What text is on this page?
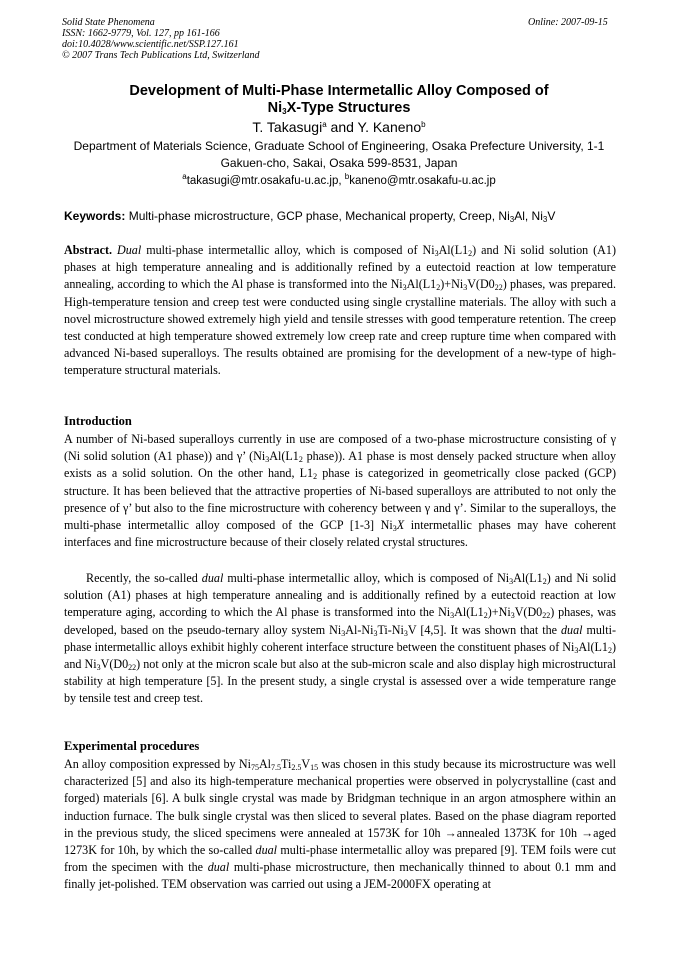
Solid State Phenomena
ISSN: 1662-9779, Vol. 127, pp 161-166
doi:10.4028/www.scientific.net/SSP.127.161
© 2007 Trans Tech Publications Ltd, Switzerland
Online: 2007-09-15
Development of Multi-Phase Intermetallic Alloy Composed of
$Ni_3X$-Type Structures
T. Takasugi$^a$ and Y. Kaneno$^b$
Department of Materials Science, Graduate School of Engineering, Osaka Prefecture University, 1-1
Gakuen-cho, Sakai, Osaka 599-8531, Japan
$^a$takasugi@mtr.osakafu-u.ac.jp, $^b$kaneno@mtr.osakafu-u.ac.jp
Keywords: Multi-phase microstructure, GCP phase, Mechanical property, Creep, $Ni_3Al$, $Ni_3V$
Abstract. Dual multi-phase intermetallic alloy, which is composed of $Ni_3Al(L1_2)$ and Ni solid solution (A1) phases at high temperature annealing and is additionally refined by a eutectoid reaction at low temperature annealing, according to which the Al phase is transformed into the $Ni_3Al(L1_2)+Ni_3V(D0_{22})$ phases, was prepared. High-temperature tension and creep test were conducted using single crystalline materials. The alloy with such a novel microstructure showed extremely high yield and tensile stresses with good temperature retention. The creep test conducted at high temperature showed extremely low creep rate and creep rupture time when compared with advanced Ni-based superalloys. The results obtained are promising for the development of a new-type of high-temperature structural materials.
Introduction
A number of Ni-based superalloys currently in use are composed of a two-phase microstructure consisting of γ (Ni solid solution (A1 phase)) and γ’ ($Ni_3Al(L1_2$ phase)). A1 phase is most densely packed structure when alloy exists as a solid solution. On the other hand, $L1_2$ phase is categorized in geometrically close packed (GCP) structure. It has been believed that the attractive properties of Ni-based superalloys are attributed to not only the presence of γ’ but also to the fine microstructure with coherency between γ and γ’. Similar to the superalloys, the multi-phase intermetallic alloy composed of the GCP [1-3] $Ni_3X$ intermetallic phases may have coherent interfaces and fine microstructure because of their closely related crystal structures.
Recently, the so-called dual multi-phase intermetallic alloy, which is composed of $Ni_3Al(L1_2)$ and Ni solid solution (A1) phases at high temperature annealing and is additionally refined by a eutectoid reaction at low temperature aging, according to which the Al phase is transformed into the $Ni_3Al(L1_2)+Ni_3V(D0_{22})$ phases, was developed, based on the pseudo-ternary alloy system $Ni_3Al-Ni_3Ti-Ni_3V$ [4,5]. It was shown that the dual multi-phase intermetallic alloys exhibit highly coherent interface structure between the constituent phases of $Ni_3Al(L1_2)$ and $Ni_3V(D0_{22})$ not only at the micron scale but also at the sub-micron scale and also display high microstructural stability at high temperature [5]. In the present study, a single crystal is assessed over a wide temperature range by tensile test and creep test.
Experimental procedures
An alloy composition expressed by $Ni_{75}Al_{7.5}Ti_{2.5}V_{15}$ was chosen in this study because its microstructure was well characterized [5] and also its high-temperature mechanical properties were observed in polycrystalline (cast and forged) materials [6]. A bulk single crystal was made by Bridgman technique in an argon atmosphere within an induction furnace. The bulk single crystal was then sliced to several plates. Based on the phase diagram reported in the previous study, the sliced specimens were annealed at 1573K for 10h →annealed 1373K for 10h →aged 1273K for 10h, by which the so-called dual multi-phase intermetallic alloy was prepared [9]. TEM foils were cut from the specimen with the dual multi-phase microstructure, then mechanically thinned to about 0.1 mm and finally jet-polished. TEM observation was carried out using a JEM-2000FX operating at
